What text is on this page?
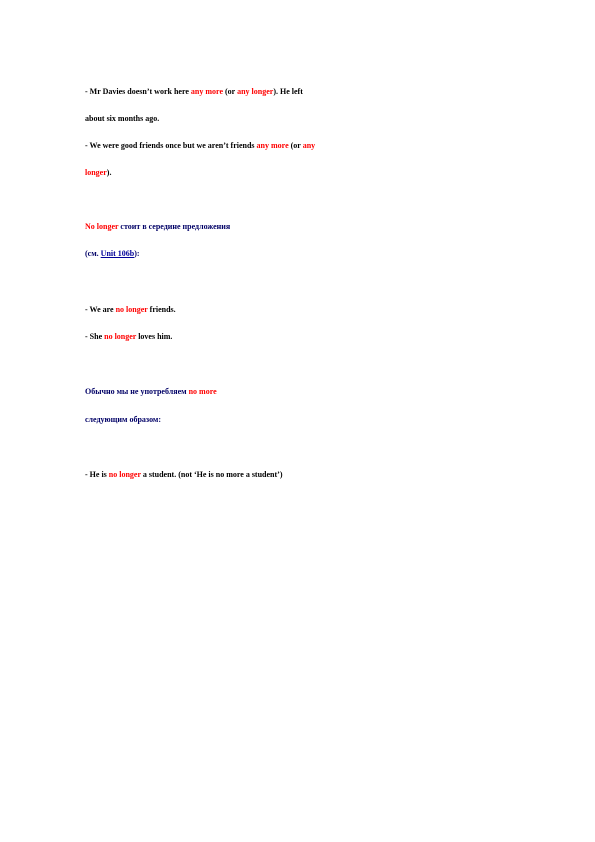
- Mr Davies doesn’t work here any more (or any longer). He left
about six months ago.
- We were good friends once but we aren’t friends any more (or any
longer).
No longer стоит в середине предложения
(см. Unit 106b):
- We are no longer friends.
- She no longer loves him.
Обычно мы не употребляем no more
следующим образом:
- He is no longer a student. (not ‘He is no more a student’)
